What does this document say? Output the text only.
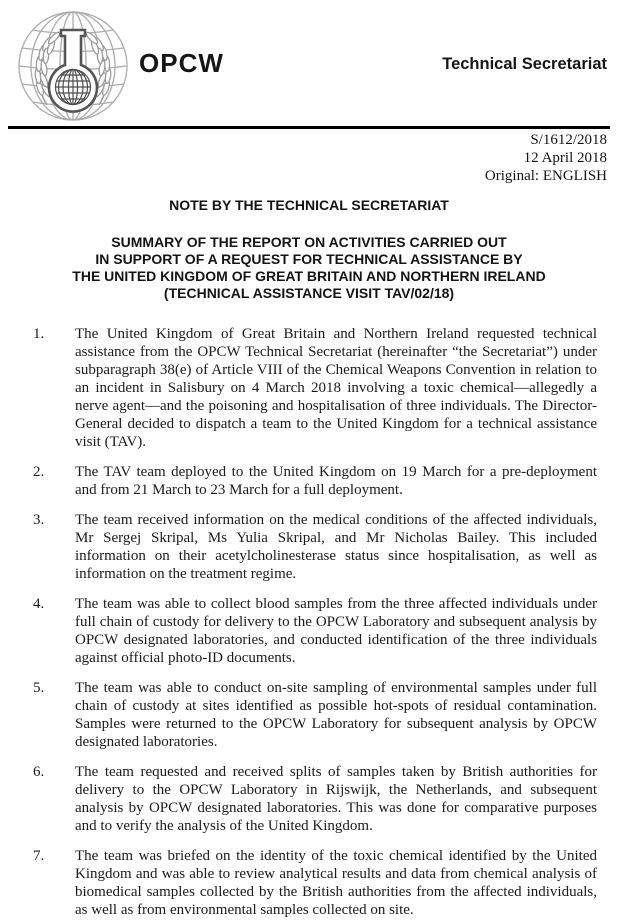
OPCW	Technical Secretariat
S/1612/2018
12 April 2018
Original: ENGLISH
NOTE BY THE TECHNICAL SECRETARIAT
SUMMARY OF THE REPORT ON ACTIVITIES CARRIED OUT
IN SUPPORT OF A REQUEST FOR TECHNICAL ASSISTANCE BY
THE UNITED KINGDOM OF GREAT BRITAIN AND NORTHERN IRELAND
(TECHNICAL ASSISTANCE VISIT TAV/02/18)
1.	The United Kingdom of Great Britain and Northern Ireland requested technical assistance from the OPCW Technical Secretariat (hereinafter “the Secretariat”) under subparagraph 38(e) of Article VIII of the Chemical Weapons Convention in relation to an incident in Salisbury on 4 March 2018 involving a toxic chemical—allegedly a nerve agent—and the poisoning and hospitalisation of three individuals. The Director-General decided to dispatch a team to the United Kingdom for a technical assistance visit (TAV).
2.	The TAV team deployed to the United Kingdom on 19 March for a pre-deployment and from 21 March to 23 March for a full deployment.
3.	The team received information on the medical conditions of the affected individuals, Mr Sergej Skripal, Ms Yulia Skripal, and Mr Nicholas Bailey. This included information on their acetylcholinesterase status since hospitalisation, as well as information on the treatment regime.
4.	The team was able to collect blood samples from the three affected individuals under full chain of custody for delivery to the OPCW Laboratory and subsequent analysis by OPCW designated laboratories, and conducted identification of the three individuals against official photo-ID documents.
5.	The team was able to conduct on-site sampling of environmental samples under full chain of custody at sites identified as possible hot-spots of residual contamination. Samples were returned to the OPCW Laboratory for subsequent analysis by OPCW designated laboratories.
6.	The team requested and received splits of samples taken by British authorities for delivery to the OPCW Laboratory in Rijswijk, the Netherlands, and subsequent analysis by OPCW designated laboratories. This was done for comparative purposes and to verify the analysis of the United Kingdom.
7.	The team was briefed on the identity of the toxic chemical identified by the United Kingdom and was able to review analytical results and data from chemical analysis of biomedical samples collected by the British authorities from the affected individuals, as well as from environmental samples collected on site.
